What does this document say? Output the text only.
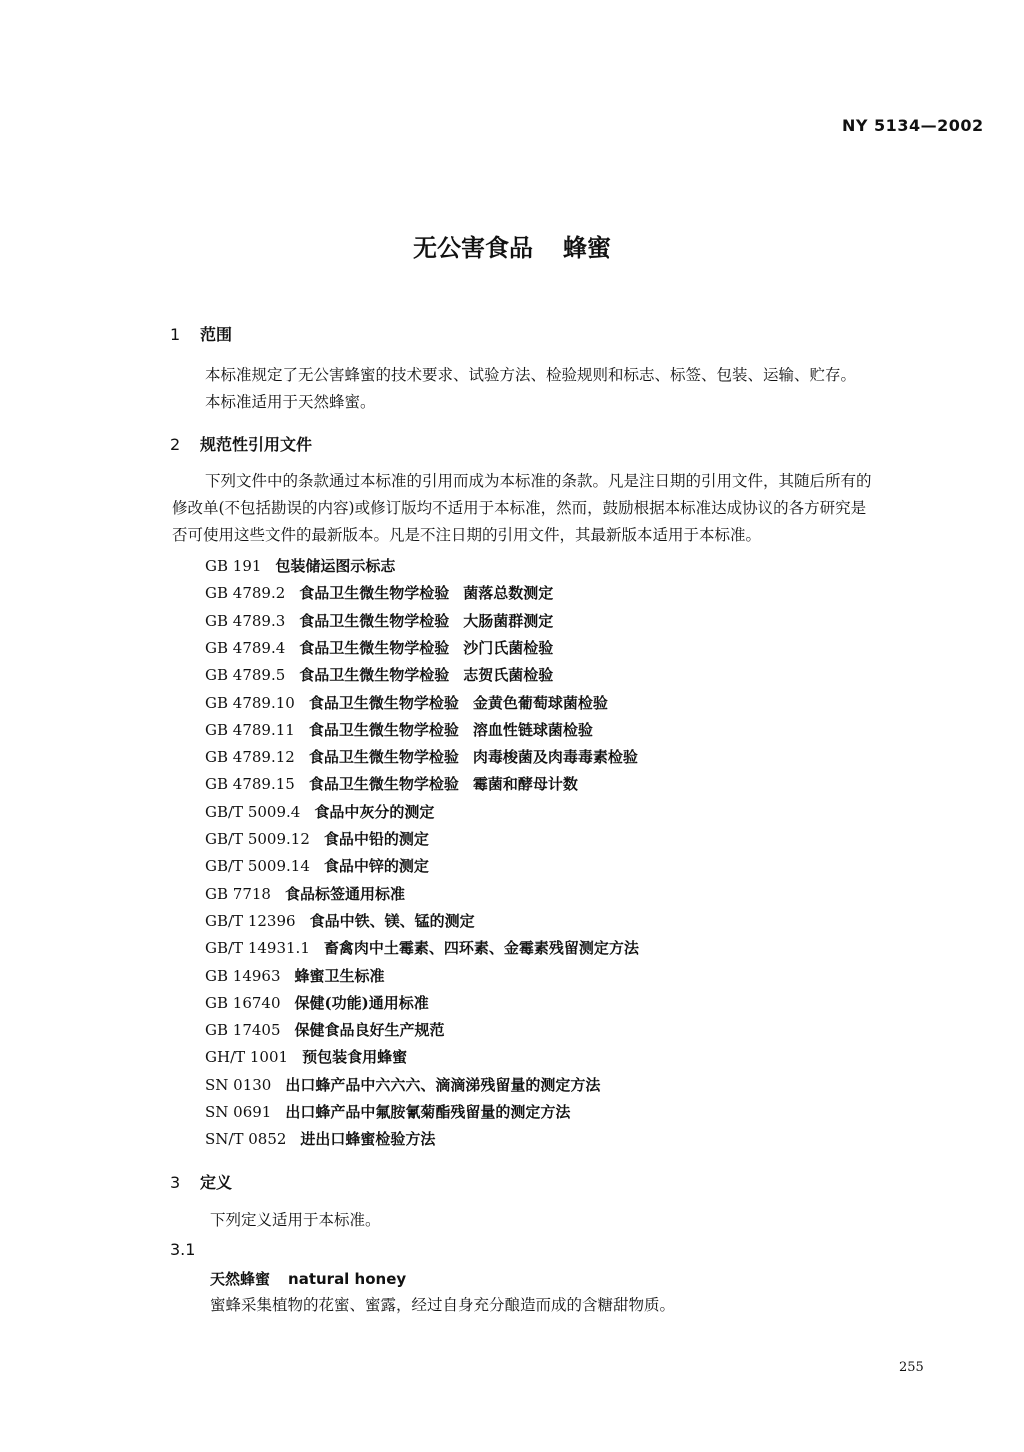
NY 5134—2002
无公害食品 蜂蜜
1 范围
本标准规定了无公害蜂蜜的技术要求、试验方法、检验规则和标志、标签、包装、运输、贮存。
本标准适用于天然蜂蜜。
2 规范性引用文件
下列文件中的条款通过本标准的引用而成为本标准的条款。凡是注日期的引用文件，其随后所有的
修改单(不包括勘误的内容)或修订版均不适用于本标准，然而，鼓励根据本标准达成协议的各方研究是
否可使用这些文件的最新版本。凡是不注日期的引用文件，其最新版本适用于本标准。
GB 191 包装储运图示标志
GB 4789.2 食品卫生微生物学检验 菌落总数测定
GB 4789.3 食品卫生微生物学检验 大肠菌群测定
GB 4789.4 食品卫生微生物学检验 沙门氏菌检验
GB 4789.5 食品卫生微生物学检验 志贺氏菌检验
GB 4789.10 食品卫生微生物学检验 金黄色葡萄球菌检验
GB 4789.11 食品卫生微生物学检验 溶血性链球菌检验
GB 4789.12 食品卫生微生物学检验 肉毒梭菌及肉毒毒素检验
GB 4789.15 食品卫生微生物学检验 霉菌和酵母计数
GB/T 5009.4 食品中灰分的测定
GB/T 5009.12 食品中铅的测定
GB/T 5009.14 食品中锌的测定
GB 7718 食品标签通用标准
GB/T 12396 食品中铁、镁、锰的测定
GB/T 14931.1 畜禽肉中土霉素、四环素、金霉素残留测定方法
GB 14963 蜂蜜卫生标准
GB 16740 保健(功能)通用标准
GB 17405 保健食品良好生产规范
GH/T 1001 预包装食用蜂蜜
SN 0130 出口蜂产品中六六六、滴滴涕残留量的测定方法
SN 0691 出口蜂产品中氟胺氰菊酯残留量的测定方法
SN/T 0852 进出口蜂蜜检验方法
3 定义
下列定义适用于本标准。
3.1
天然蜂蜜 natural honey
蜜蜂采集植物的花蜜、蜜露，经过自身充分酿造而成的含糖甜物质。
255
